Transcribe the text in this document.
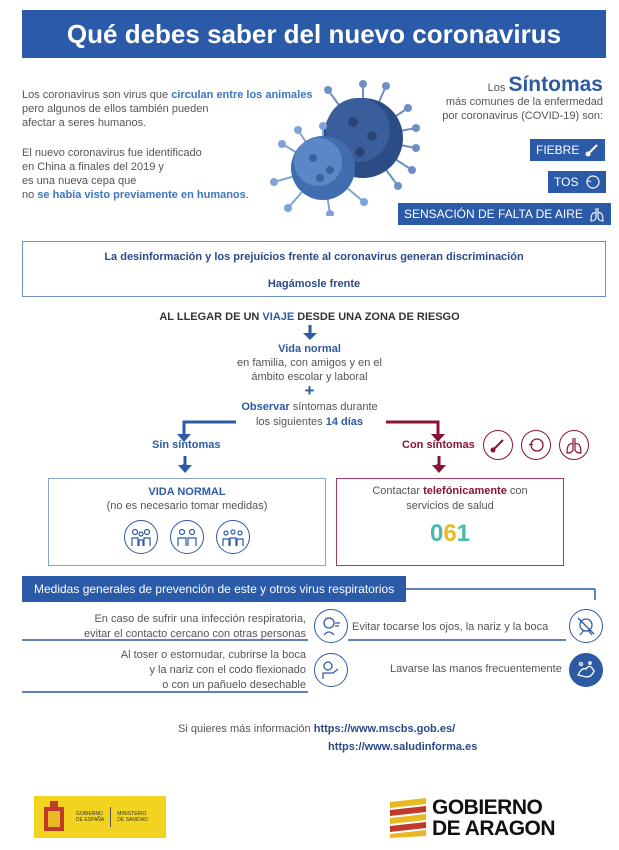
Qué debes saber del nuevo coronavirus
Los coronavirus son virus que circulan entre los animales
pero algunos de ellos también pueden
afectar a seres humanos.
El nuevo coronavirus fue identificado
en China a finales del 2019 y
es una nueva cepa que
no se había visto previamente en humanos.
Los Síntomas
más comunes de la enfermedad
por coronavirus (COVID-19) son:
FIEBRE
TOS
SENSACIÓN DE FALTA DE AIRE
La desinformación y los prejuicios frente al coronavirus generan discriminación
Hagámosle frente
AL LLEGAR DE UN VIAJE DESDE UNA ZONA DE RIESGO
Vida normal
en familia, con amigos y en el
ámbito escolar y laboral
+
Observar síntomas durante
los siguientes 14 días
Sin síntomas	Con síntomas
VIDA NORMAL
(no es necesario tomar medidas)
Contactar telefónicamente con
servicios de salud
061
Medidas generales de prevención de este y otros virus respiratorios
En caso de sufrir una infección respiratoria,
evitar el contacto cercano con otras personas
Al toser o estornudar, cubrirse la boca
y la nariz con el codo flexionado
o con un pañuelo desechable
Evitar tocarse los ojos, la nariz y la boca
Lavarse las manos frecuentemente
Si quieres más información https://www.mscbs.gob.es/
https://www.saludinforma.es
GOBIERNO
DE ESPAÑA
MINISTERIO
DE SANIDAD
GOBIERNO
DE ARAGON
